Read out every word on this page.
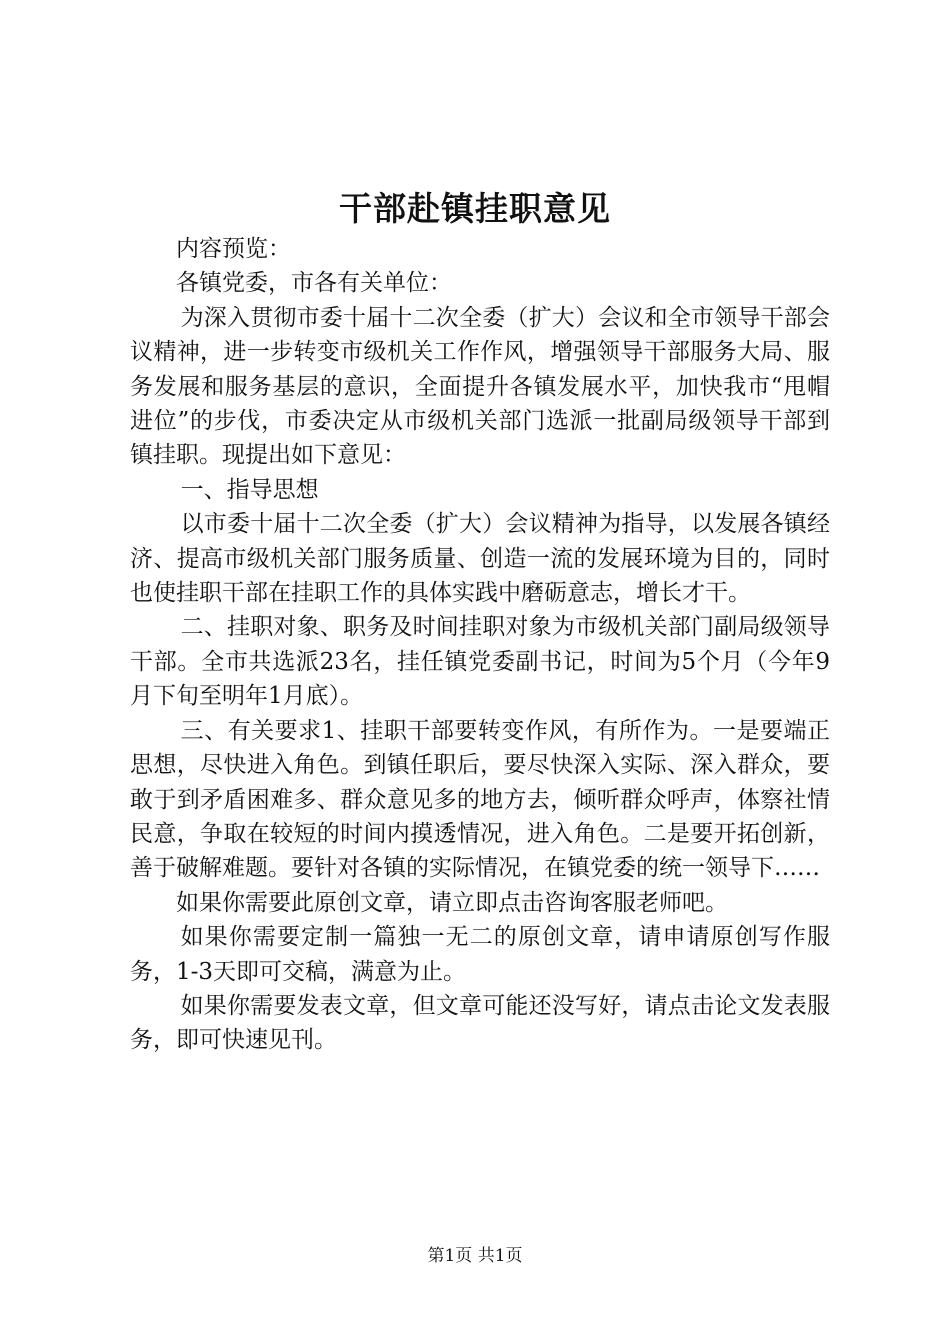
干部赴镇挂职意见

内容预览：

各镇党委，市各有关单位：

为深入贯彻市委十届十二次全委（扩大）会议和全市领导干部会议精神，进一步转变市级机关工作作风，增强领导干部服务大局、服务发展和服务基层的意识，全面提升各镇发展水平，加快我市“甩帽进位”的步伐，市委决定从市级机关部门选派一批副局级领导干部到镇挂职。现提出如下意见：

一、指导思想

以市委十届十二次全委（扩大）会议精神为指导，以发展各镇经济、提高市级机关部门服务质量、创造一流的发展环境为目的，同时也使挂职干部在挂职工作的具体实践中磨砺意志，增长才干。

二、挂职对象、职务及时间挂职对象为市级机关部门副局级领导干部。全市共选派23名，挂任镇党委副书记，时间为5个月（今年9月下旬至明年1月底）。

三、有关要求1、挂职干部要转变作风，有所作为。一是要端正思想，尽快进入角色。到镇任职后，要尽快深入实际、深入群众，要敢于到矛盾困难多、群众意见多的地方去，倾听群众呼声，体察社情民意，争取在较短的时间内摸透情况，进入角色。二是要开拓创新，善于破解难题。要针对各镇的实际情况，在镇党委的统一领导下……

如果你需要此原创文章，请立即点击咨询客服老师吧。

如果你需要定制一篇独一无二的原创文章，请申请原创写作服务，1-3天即可交稿，满意为止。

如果你需要发表文章，但文章可能还没写好，请点击论文发表服务，即可快速见刊。

第1页 共1页
